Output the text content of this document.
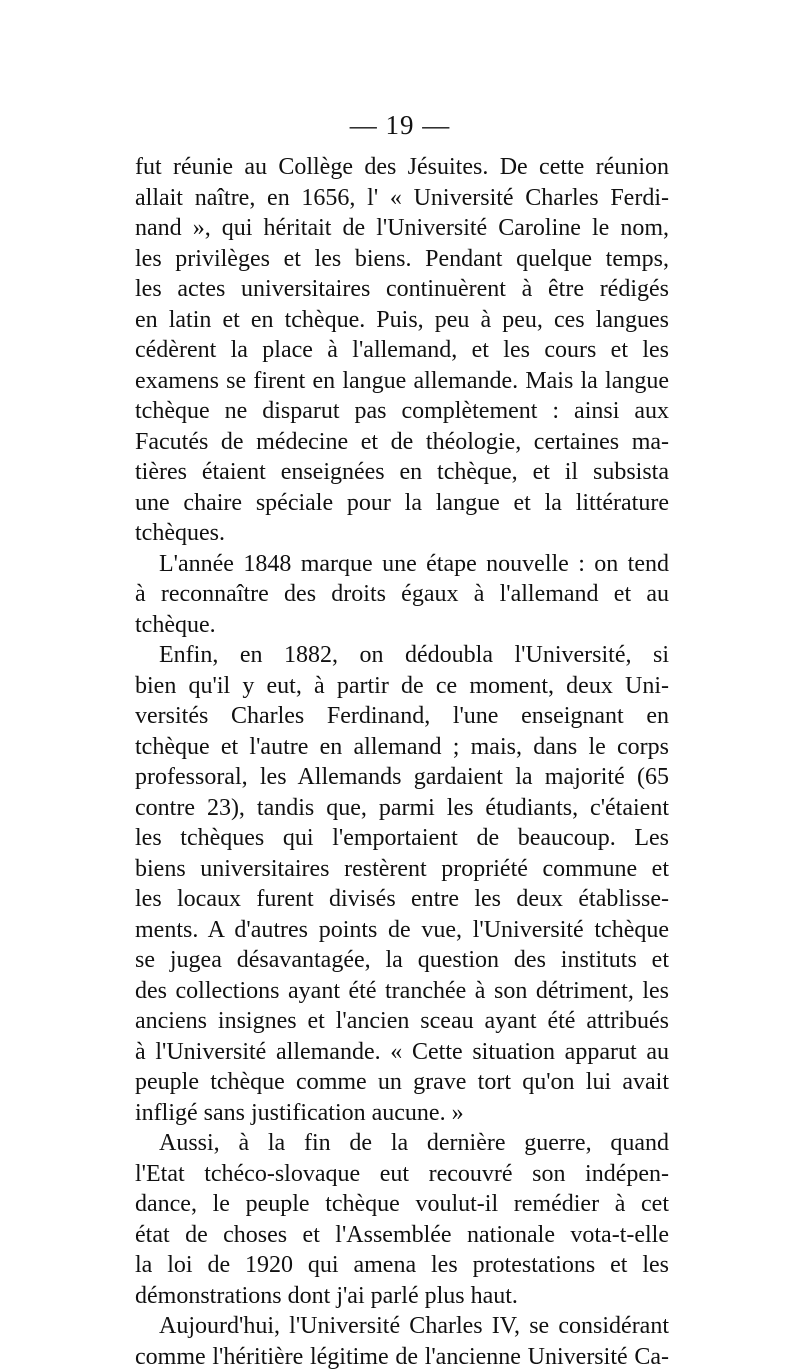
— 19 —
fut réunie au Collège des Jésuites. De cette réunion
allait naître, en 1656, l' « Université Charles Ferdi-
nand », qui héritait de l'Université Caroline le nom,
les privilèges et les biens. Pendant quelque temps,
les actes universitaires continuèrent à être rédigés
en latin et en tchèque. Puis, peu à peu, ces langues
cédèrent la place à l'allemand, et les cours et les
examens se firent en langue allemande. Mais la langue
tchèque ne disparut pas complètement : ainsi aux
Facutés de médecine et de théologie, certaines ma-
tières étaient enseignées en tchèque, et il subsista
une chaire spéciale pour la langue et la littérature
tchèques.
L'année 1848 marque une étape nouvelle : on tend
à reconnaître des droits égaux à l'allemand et au
tchèque.
Enfin, en 1882, on dédoubla l'Université, si
bien qu'il y eut, à partir de ce moment, deux Uni-
versités Charles Ferdinand, l'une enseignant en
tchèque et l'autre en allemand ; mais, dans le corps
professoral, les Allemands gardaient la majorité (65
contre 23), tandis que, parmi les étudiants, c'étaient
les tchèques qui l'emportaient de beaucoup. Les
biens universitaires restèrent propriété commune et
les locaux furent divisés entre les deux établisse-
ments. A d'autres points de vue, l'Université tchèque
se jugea désavantagée, la question des instituts et
des collections ayant été tranchée à son détriment, les
anciens insignes et l'ancien sceau ayant été attribués
à l'Université allemande. « Cette situation apparut au
peuple tchèque comme un grave tort qu'on lui avait
infligé sans justification aucune. »
Aussi, à la fin de la dernière guerre, quand
l'Etat tchéco-slovaque eut recouvré son indépen-
dance, le peuple tchèque voulut-il remédier à cet
état de choses et l'Assemblée nationale vota-t-elle
la loi de 1920 qui amena les protestations et les
démonstrations dont j'ai parlé plus haut.
Aujourd'hui, l'Université Charles IV, se considérant
comme l'héritière légitime de l'ancienne Université Ca-
